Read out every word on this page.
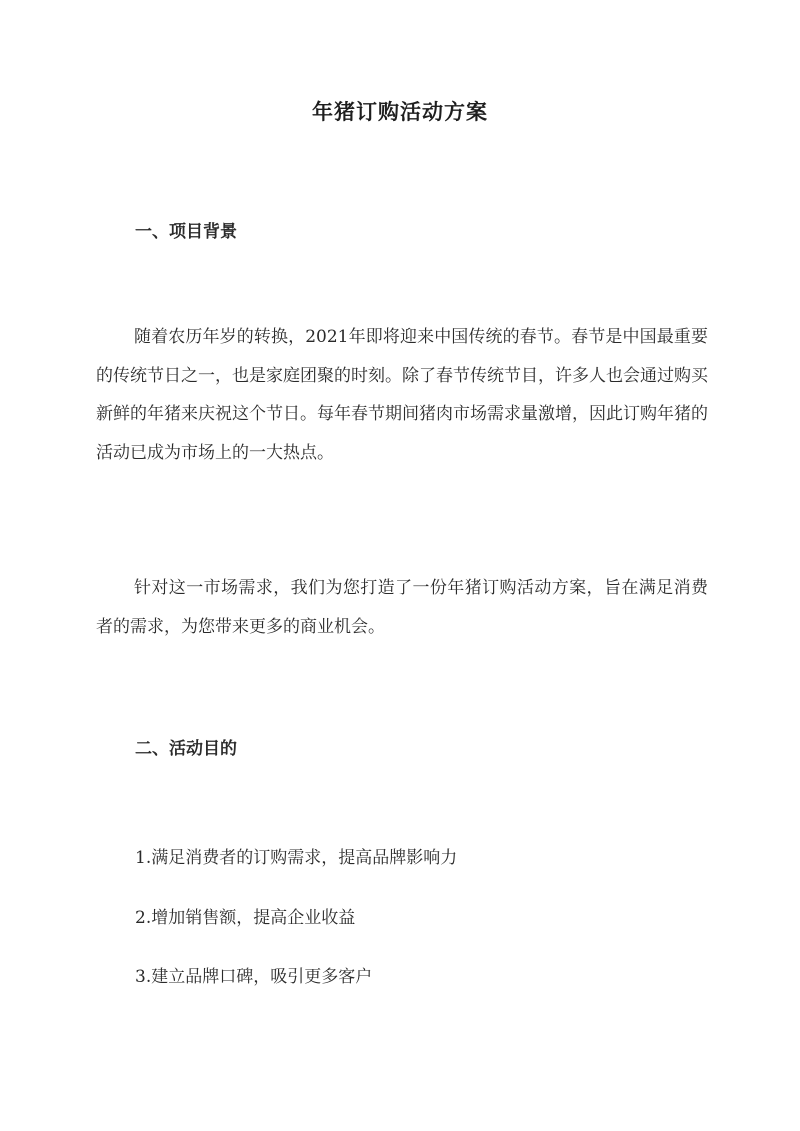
年猪订购活动方案
一、项目背景

随着农历年岁的转换，2021年即将迎来中国传统的春节。春节是中国最重要的传统节日之一，也是家庭团聚的时刻。除了春节传统节目，许多人也会通过购买新鲜的年猪来庆祝这个节日。每年春节期间猪肉市场需求量激增，因此订购年猪的活动已成为市场上的一大热点。

针对这一市场需求，我们为您打造了一份年猪订购活动方案，旨在满足消费者的需求，为您带来更多的商业机会。

二、活动目的

1.满足消费者的订购需求，提高品牌影响力

2.增加销售额，提高企业收益

3.建立品牌口碑，吸引更多客户
